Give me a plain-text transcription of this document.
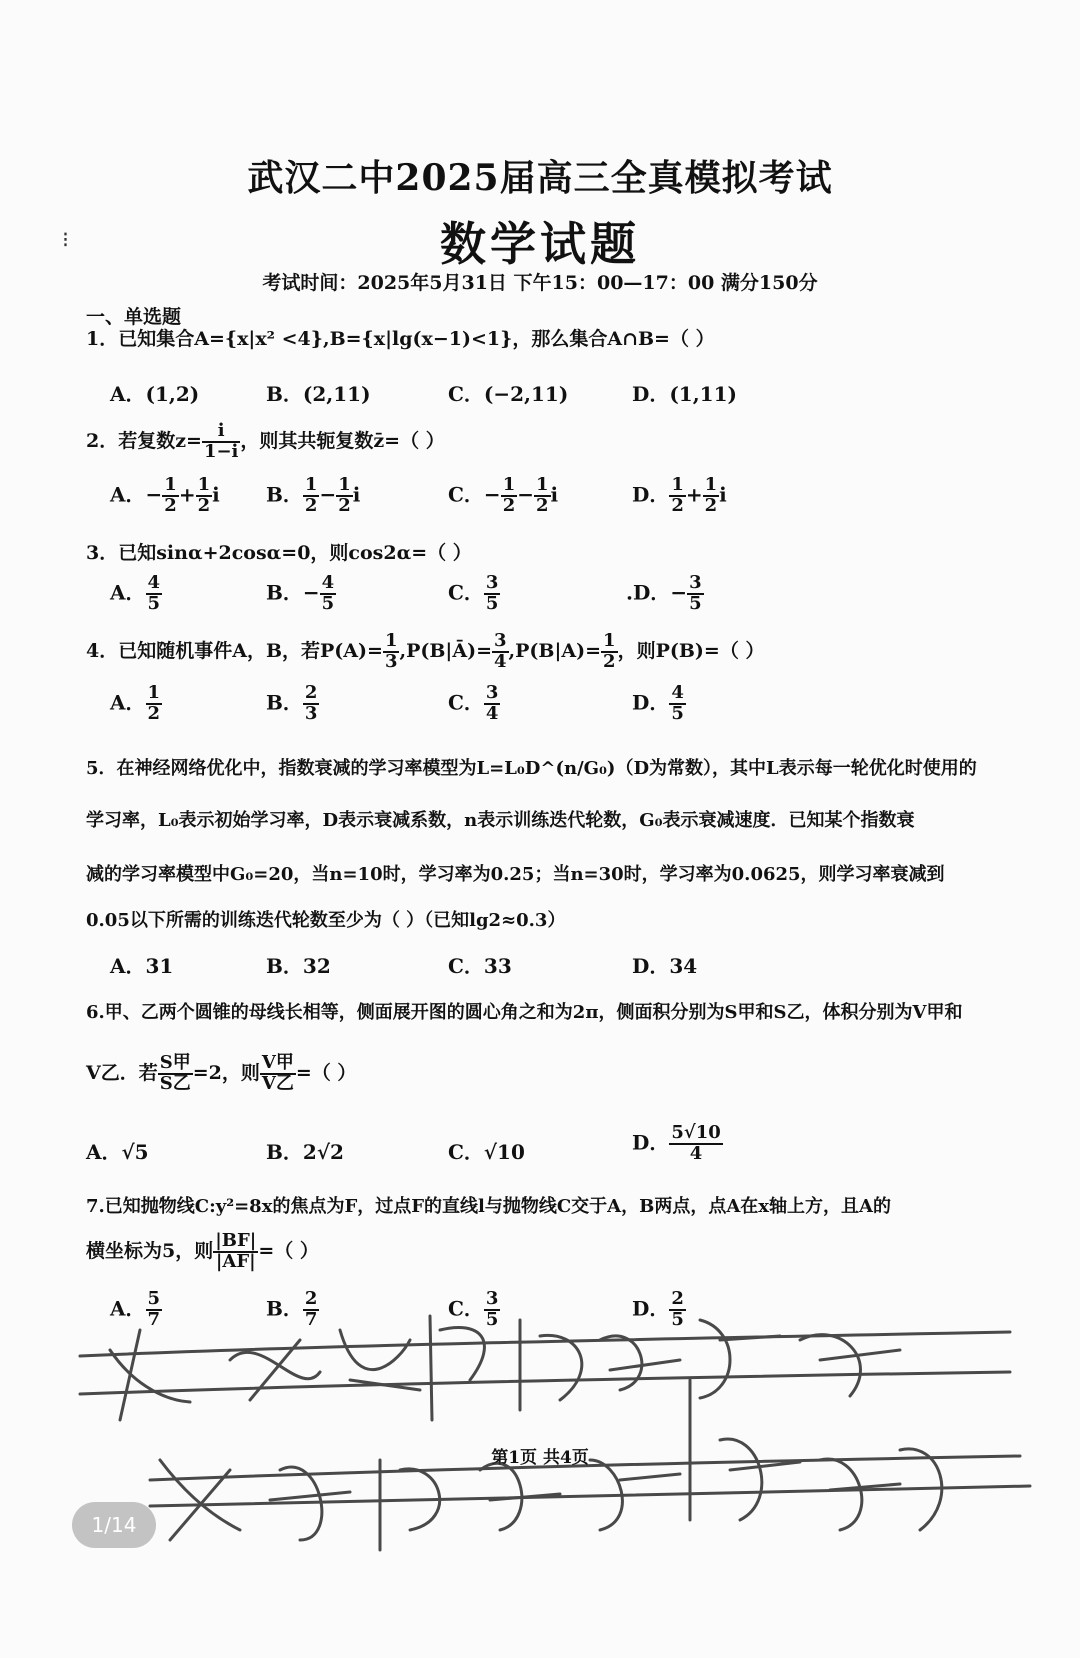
⁝
武汉二中2025届高三全真模拟考试
数学试题
考试时间：2025年5月31日 下午15：00—17：00 满分150分
一、单选题
1．已知集合A={x|x² <4},B={x|lg(x−1)<1}，那么集合A∩B=（ ）
A．(1,2)	B．(2,11)	C．(−2,11)	D．(1,11)
2．若复数$z= \frac{i}{1-i}$ ，则其共轭复数z̄=（ ）
A．− $\frac{1}{2} + \frac{1}{2}$ i B． $\frac{1}{2} - \frac{1}{2}$ i	C．− $\frac{1}{2} - \frac{1}{2}$ i	D． $\frac{1}{2} + \frac{1}{2}$ i
3．已知sinα+2cosα=0，则cos2α=（ ）
A． $\frac{4}{5}$	B．− $\frac{4}{5}$	C． $\frac{3}{5}$	.D．− $\frac{3}{5}$
4．已知随机事件A，B，若$P(A)= \frac{1}{3}$ ,P(B|Ā)= $\frac{3}{4} ,P(B|A)= \frac{1}{2}$ ，则P(B)=（ ）
A． $\frac{1}{2}$	B． $\frac{2}{3}$	C． $\frac{3}{4}$	D． $\frac{4}{5}$
5．在神经网络优化中，指数衰减的学习率模型为L=L₀D^(n/G₀)（D为常数），其中L表示每一轮优化时使用的
学习率，L₀表示初始学习率，D表示衰减系数，n表示训练迭代轮数，G₀表示衰减速度．已知某个指数衰
减的学习率模型中G₀=20，当n=10时，学习率为0.25；当n=30时，学习率为0.0625，则学习率衰减到
0.05以下所需的训练迭代轮数至少为（ ）（已知lg2≈0.3）
A．31	B．32	C．33	D．34
6.甲、乙两个圆锥的母线长相等，侧面展开图的圆心角之和为2π，侧面积分别为S甲和S乙，体积分别为V甲和
V乙．若 $\frac{\text{S甲}}{\text{S乙}} =2$，则 $\frac{\text{V甲}}{\text{V乙}}$ =（ ）
A．√5	B．2√2	C．√10	D． $\frac{5√10}{4}$
7.已知抛物线C:y²=8x的焦点为F，过点F的直线l与抛物线C交于A，B两点，点A在x轴上方，且A的
横坐标为5，则 $\frac{|BF|}{|AF|}$ =（ ）
A． $\frac{5}{7}$	B． $\frac{2}{7}$	C． $\frac{3}{5}$	D． $\frac{2}{5}$
第1页 共4页
1/14
